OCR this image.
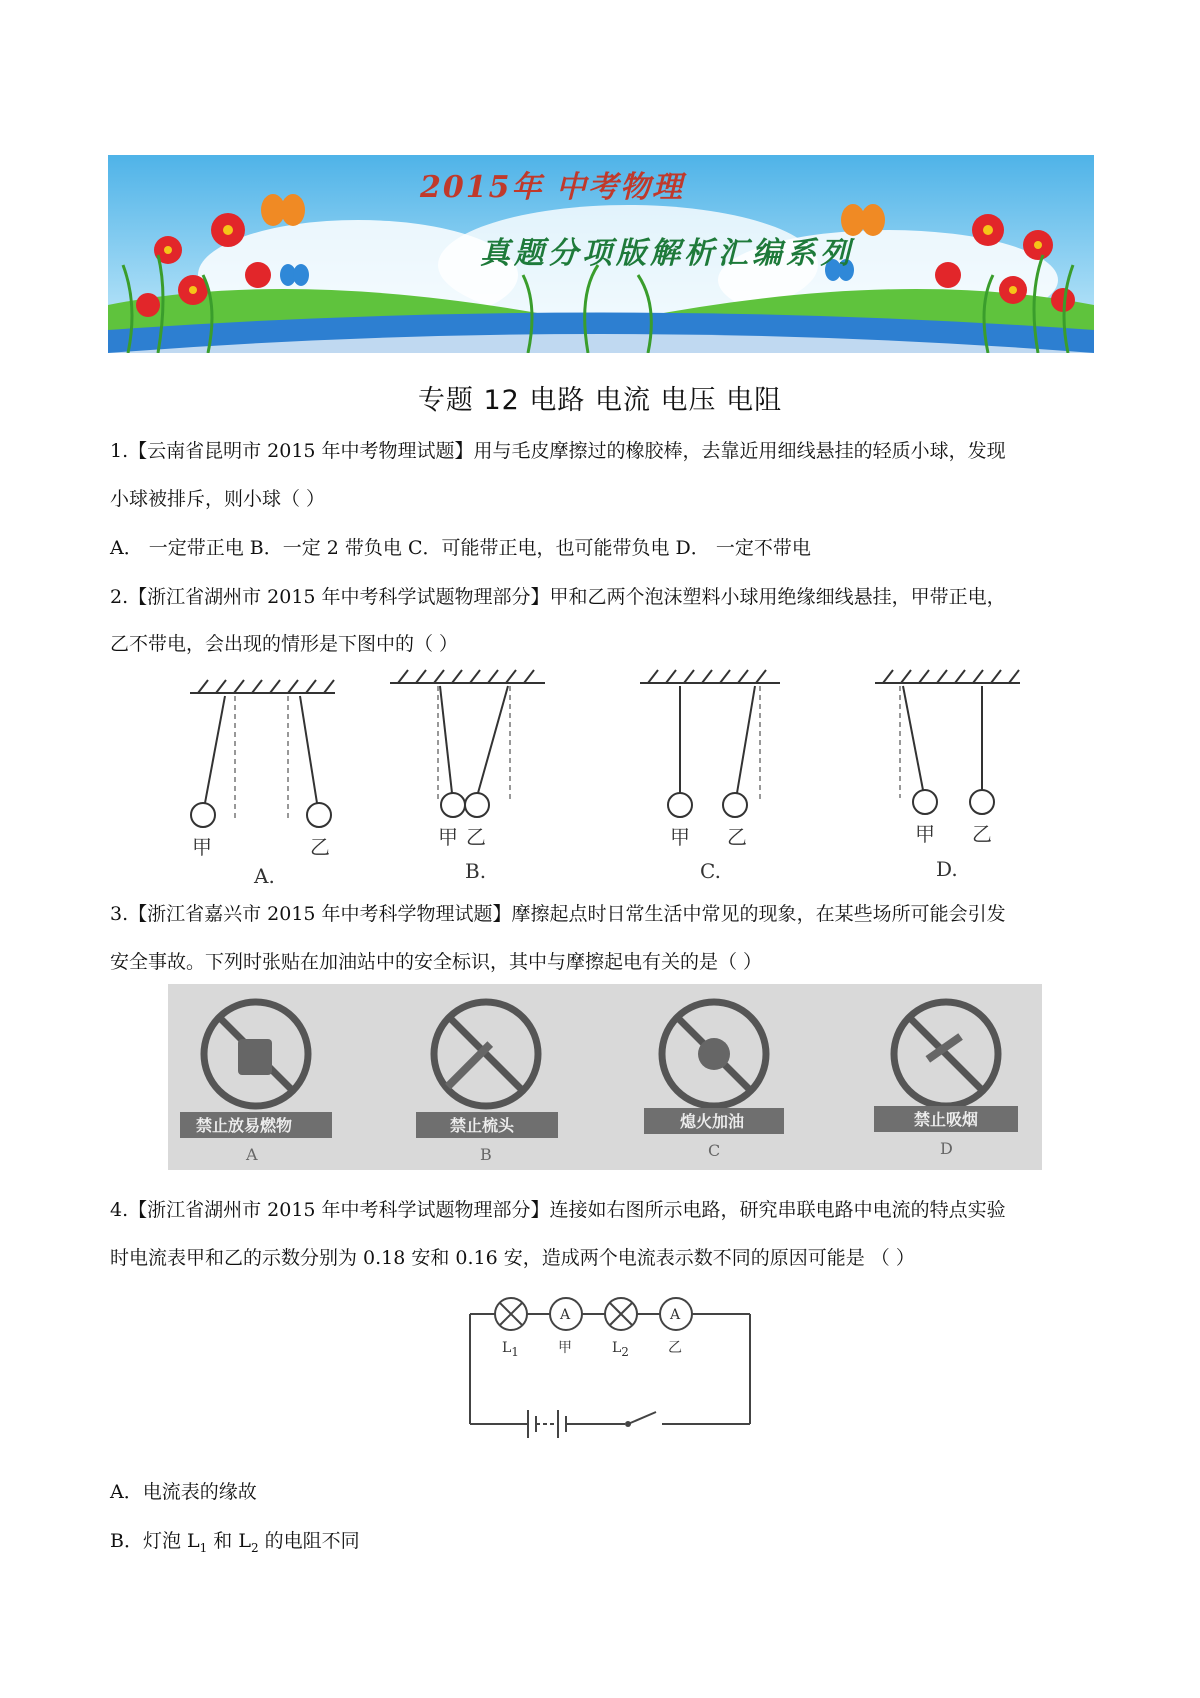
2015年 中考物理
真题分项版解析汇编系列
专题 12 电路 电流 电压 电阻
1.【云南省昆明市 2015 年中考物理试题】用与毛皮摩擦过的橡胶棒，去靠近用细线悬挂的轻质小球，发现
小球被排斥，则小球（ ）
A． 一定带正电 B．一定 2 带负电 C．可能带正电，也可能带负电 D． 一定不带电
2.【浙江省湖州市 2015 年中考科学试题物理部分】甲和乙两个泡沫塑料小球用绝缘细线悬挂，甲带正电，
乙不带电，会出现的情形是下图中的（ ）
甲	乙	甲 乙	甲 乙	甲 乙
A.	B.	C.	D.
3.【浙江省嘉兴市 2015 年中考科学物理试题】摩擦起点时日常生活中常见的现象，在某些场所可能会引发
安全事故。下列时张贴在加油站中的安全标识，其中与摩擦起电有关的是（ ）
禁止放易燃物	禁止梳头	熄火加油	禁止吸烟
A	B	C	D
4.【浙江省湖州市 2015 年中考科学试题物理部分】连接如右图所示电路，研究串联电路中电流的特点实验
时电流表甲和乙的示数分别为 0.18 安和 0.16 安，造成两个电流表示数不同的原因可能是 （ ）
A	A
L1	甲	L2	乙
A．电流表的缘故
B．灯泡 $L_1$ 和 $L_2$ 的电阻不同
